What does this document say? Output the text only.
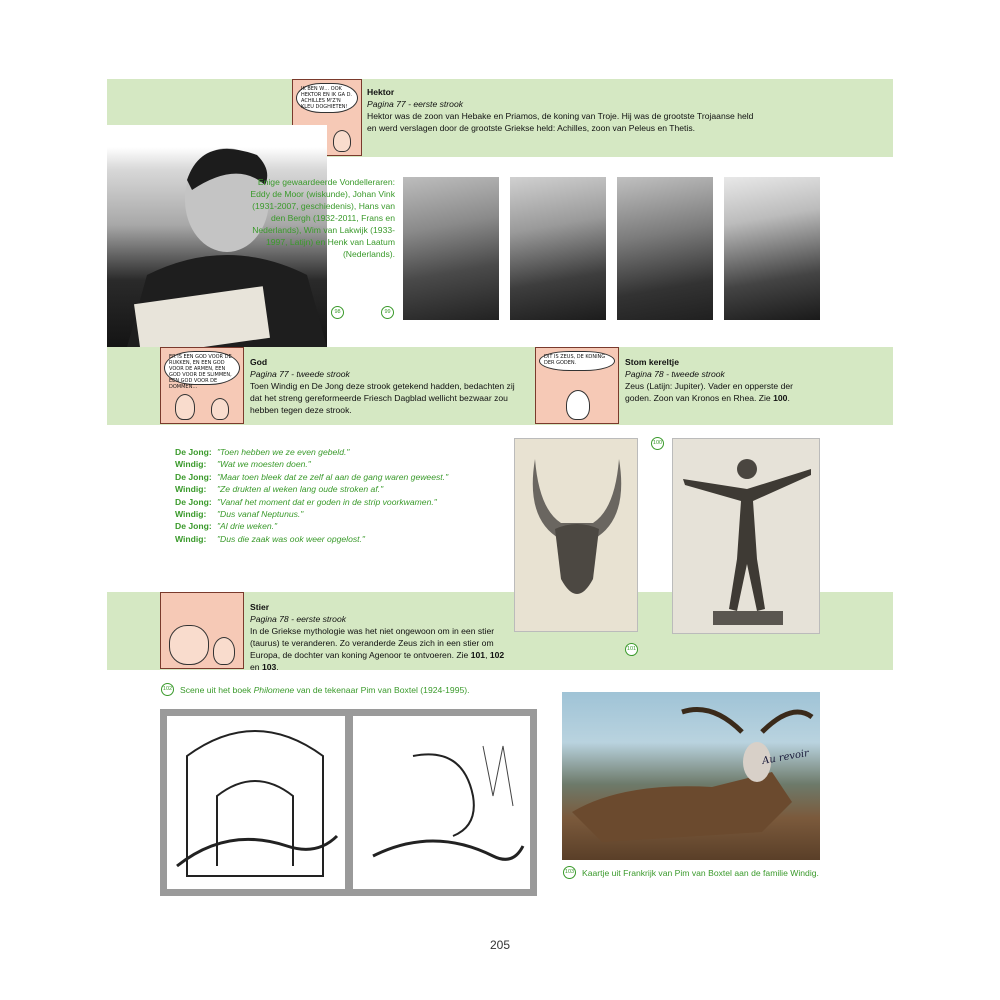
IK BEN W… OOK HEKTOR EN IK GA D. ACHILLES M'Z'N KLEU DOGHIETEN!
Hektor
Pagina 77 - eerste strook
Hektor was de zoon van Hebake en Priamos, de koning van Troje. Hij was de grootste Trojaanse held en werd verslagen door de grootste Griekse held: Achilles, zoon van Peleus en Thetis.
Enige gewaardeerde Vondelleraren: Eddy de Moor (wiskunde), Johan Vink (1931-2007, geschiedenis), Hans van den Bergh (1932-2011, Frans en Nederlands), Wim van Lakwijk (1933-1997, Latijn) en Henk van Laatum (Nederlands).
98	99
ER IS EEN GOD VOOR DE RUKKEN, EN EEN GOD VOOR DE ARMEN, EEN GOD VOOR DE SLIMMEN, EEN GOD VOOR DE DOMMEN…
God
Pagina 77 - tweede strook
Toen Windig en De Jong deze strook getekend hadden, bedachten zij dat het streng gereformeerde Friesch Dagblad wellicht bezwaar zou hebben tegen deze strook.
DIT IS ZEUS, DE KONING DER GODEN.	Stom kereltje
Pagina 78 - tweede strook
Zeus (Latijn: Jupiter). Vader en opperste der goden. Zoon van Kronos en Rhea. Zie 100.
De Jong: "Toen hebben we ze even gebeld."
Windig:	"Wat we moesten doen."
De Jong: "Maar toen bleek dat ze zelf al aan de gang waren geweest."
Windig:	"Ze drukten al weken lang oude stroken af."
De Jong: "Vanaf het moment dat er goden in de strip voorkwamen."
Windig:	"Dus vanaf Neptunus."
De Jong: "Al drie weken."
Windig:	"Dus die zaak was ook weer opgelost."
Stier
Pagina 78 - eerste strook
In de Griekse mythologie was het niet ongewoon om in een stier (taurus) te veranderen. Zo veranderde Zeus zich in een stier om Europa, de dochter van koning Agenoor te ontvoeren. Zie 101, 102 en 103.
101
100
102 Scene uit het boek Philomene van de tekenaar Pim van Boxtel (1924-1995).
Au revoir
103 Kaartje uit Frankrijk van Pim van Boxtel aan de familie Windig.
205
